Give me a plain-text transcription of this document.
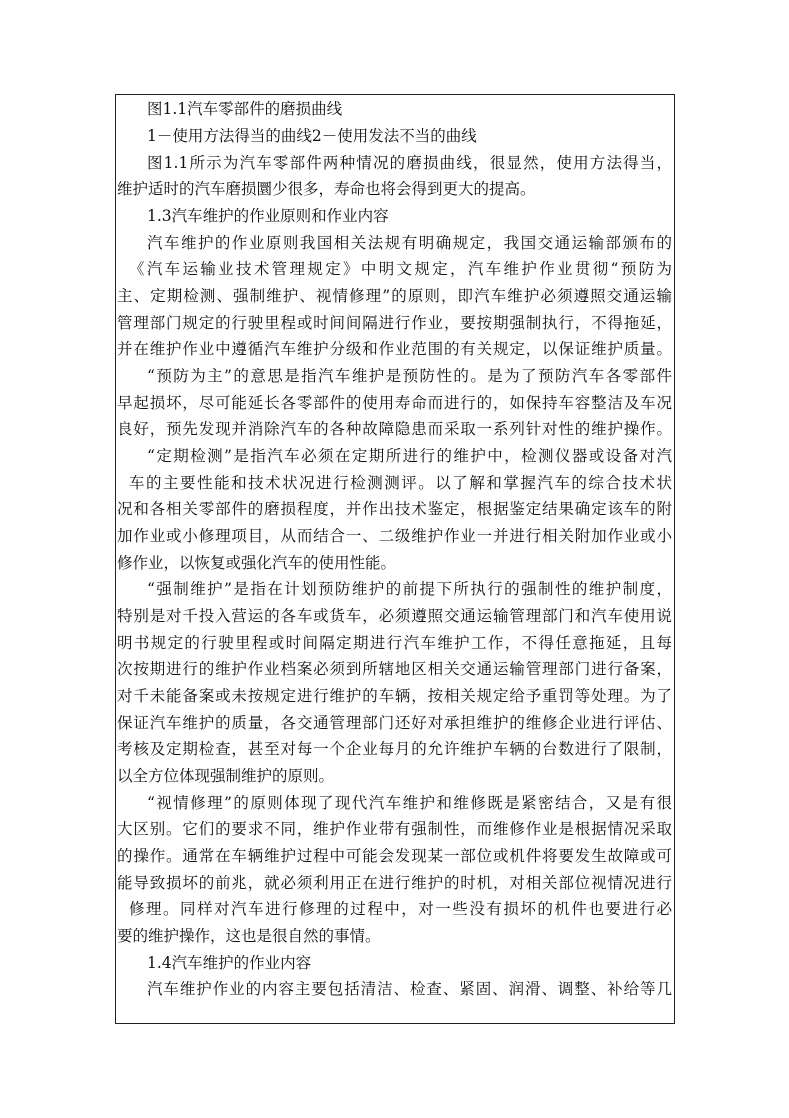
图1.1汽车零部件的磨损曲线
1－使用方法得当的曲线2－使用发法不当的曲线
图1.1所示为汽车零部件两种情况的磨损曲线，很显然，使用方法得当，
维护适时的汽车磨损圜少很多，寿命也将会得到更大的提高。
1.3汽车维护的作业原则和作业内容
汽车维护的作业原则我国相关法规有明确规定，我国交通运输部颁布的
《汽车运输业技术管理规定》中明文规定，汽车维护作业贯彻“预防为
主、定期检测、强制维护、视情修理”的原则，即汽车维护必须遵照交通运输
管理部门规定的行驶里程或时间间隔进行作业，要按期强制执行，不得拖延，
并在维护作业中遵循汽车维护分级和作业范围的有关规定，以保证维护质量。
“预防为主”的意思是指汽车维护是预防性的。是为了预防汽车各零部件
早起损坏，尽可能延长各零部件的使用寿命而进行的，如保持车容整洁及车况
良好，预先发现并消除汽车的各种故障隐患而采取一系列针对性的维护操作。
“定期检测”是指汽车必须在定期所进行的维护中，检测仪器或设备对汽
车的主要性能和技术状况进行检测测评。以了解和掌握汽车的综合技术状
况和各相关零部件的磨损程度，并作出技术鉴定，根据鉴定结果确定该车的附
加作业或小修理项目，从而结合一、二级维护作业一并进行相关附加作业或小
修作业，以恢复或强化汽车的使用性能。
“强制维护”是指在计划预防维护的前提下所执行的强制性的维护制度，
特别是对千投入营运的各车或货车，必须遵照交通运输管理部门和汽车使用说
明书规定的行驶里程或时间隔定期进行汽车维护工作，不得任意拖延，且每
次按期进行的维护作业档案必须到所辖地区相关交通运输管理部门进行备案，
对千未能备案或未按规定进行维护的车辆，按相关规定给予重罚等处理。为了
保证汽车维护的质量，各交通管理部门还好对承担维护的维修企业进行评估、
考核及定期检查，甚至对每一个企业每月的允许维护车辆的台数进行了限制，
以全方位体现强制维护的原则。
“视情修理”的原则体现了现代汽车维护和维修既是紧密结合，又是有很
大区别。它们的要求不同，维护作业带有强制性，而维修作业是根据情况采取
的操作。通常在车辆维护过程中可能会发现某一部位或机件将要发生故障或可
能导致损坏的前兆，就必须利用正在进行维护的时机，对相关部位视情况进行
修理。同样对汽车进行修理的过程中，对一些没有损坏的机件也要进行必
要的维护操作，这也是很自然的事情。
1.4汽车维护的作业内容
汽车维护作业的内容主要包括清洁、检查、紧固、润滑、调整、补给等几
